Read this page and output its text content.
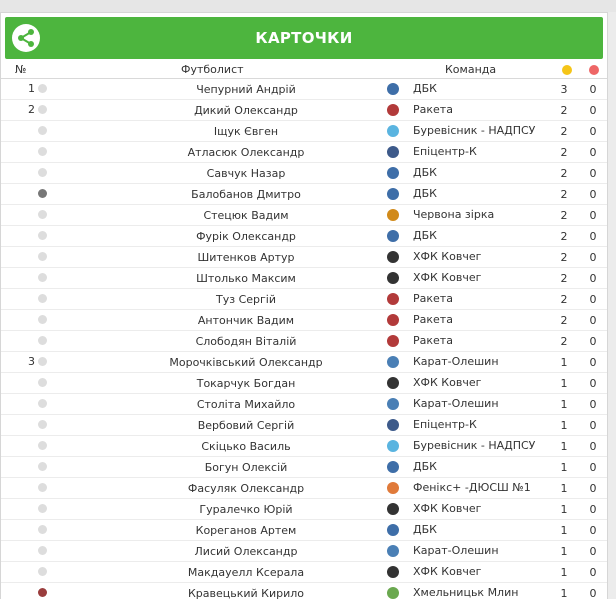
КАРТОЧКИ
№	Футболист	Команда
1	Чепурний Андрій	ДБК	3	0
2	Дикий Олександр	Ракета	2	0
Іщук Євген	Буревісник - НАДПСУ	2	0
Атласюк Олександр	Епіцентр-К	2	0
Савчук Назар	ДБК	2	0
Балобанов Дмитро	ДБК	2	0
Стецюк Вадим	Червона зірка	2	0
Фурік Олександр	ДБК	2	0
Шитенков Артур	ХФК Ковчег	2	0
Штолько Максим	ХФК Ковчег	2	0
Туз Сергій	Ракета	2	0
Антончик Вадим	Ракета	2	0
Слободян Віталій	Ракета	2	0
3	Морочківський Олександр	Карат-Олешин	1	0
Токарчук Богдан	ХФК Ковчег	1	0
Століта Михайло	Карат-Олешин	1	0
Вербовий Сергій	Епіцентр-К	1	0
Скіцько Василь	Буревісник - НАДПСУ	1	0
Богун Олексій	ДБК	1	0
Фасуляк Олександр	Фенікс+ -ДЮСШ №1	1	0
Гуралечко Юрій	ХФК Ковчег	1	0
Кореганов Артем	ДБК	1	0
Лисий Олександр	Карат-Олешин	1	0
Макдауелл Ксерала	ХФК Ковчег	1	0
Кравецький Кирило	Хмельницьк Млин	1	0
